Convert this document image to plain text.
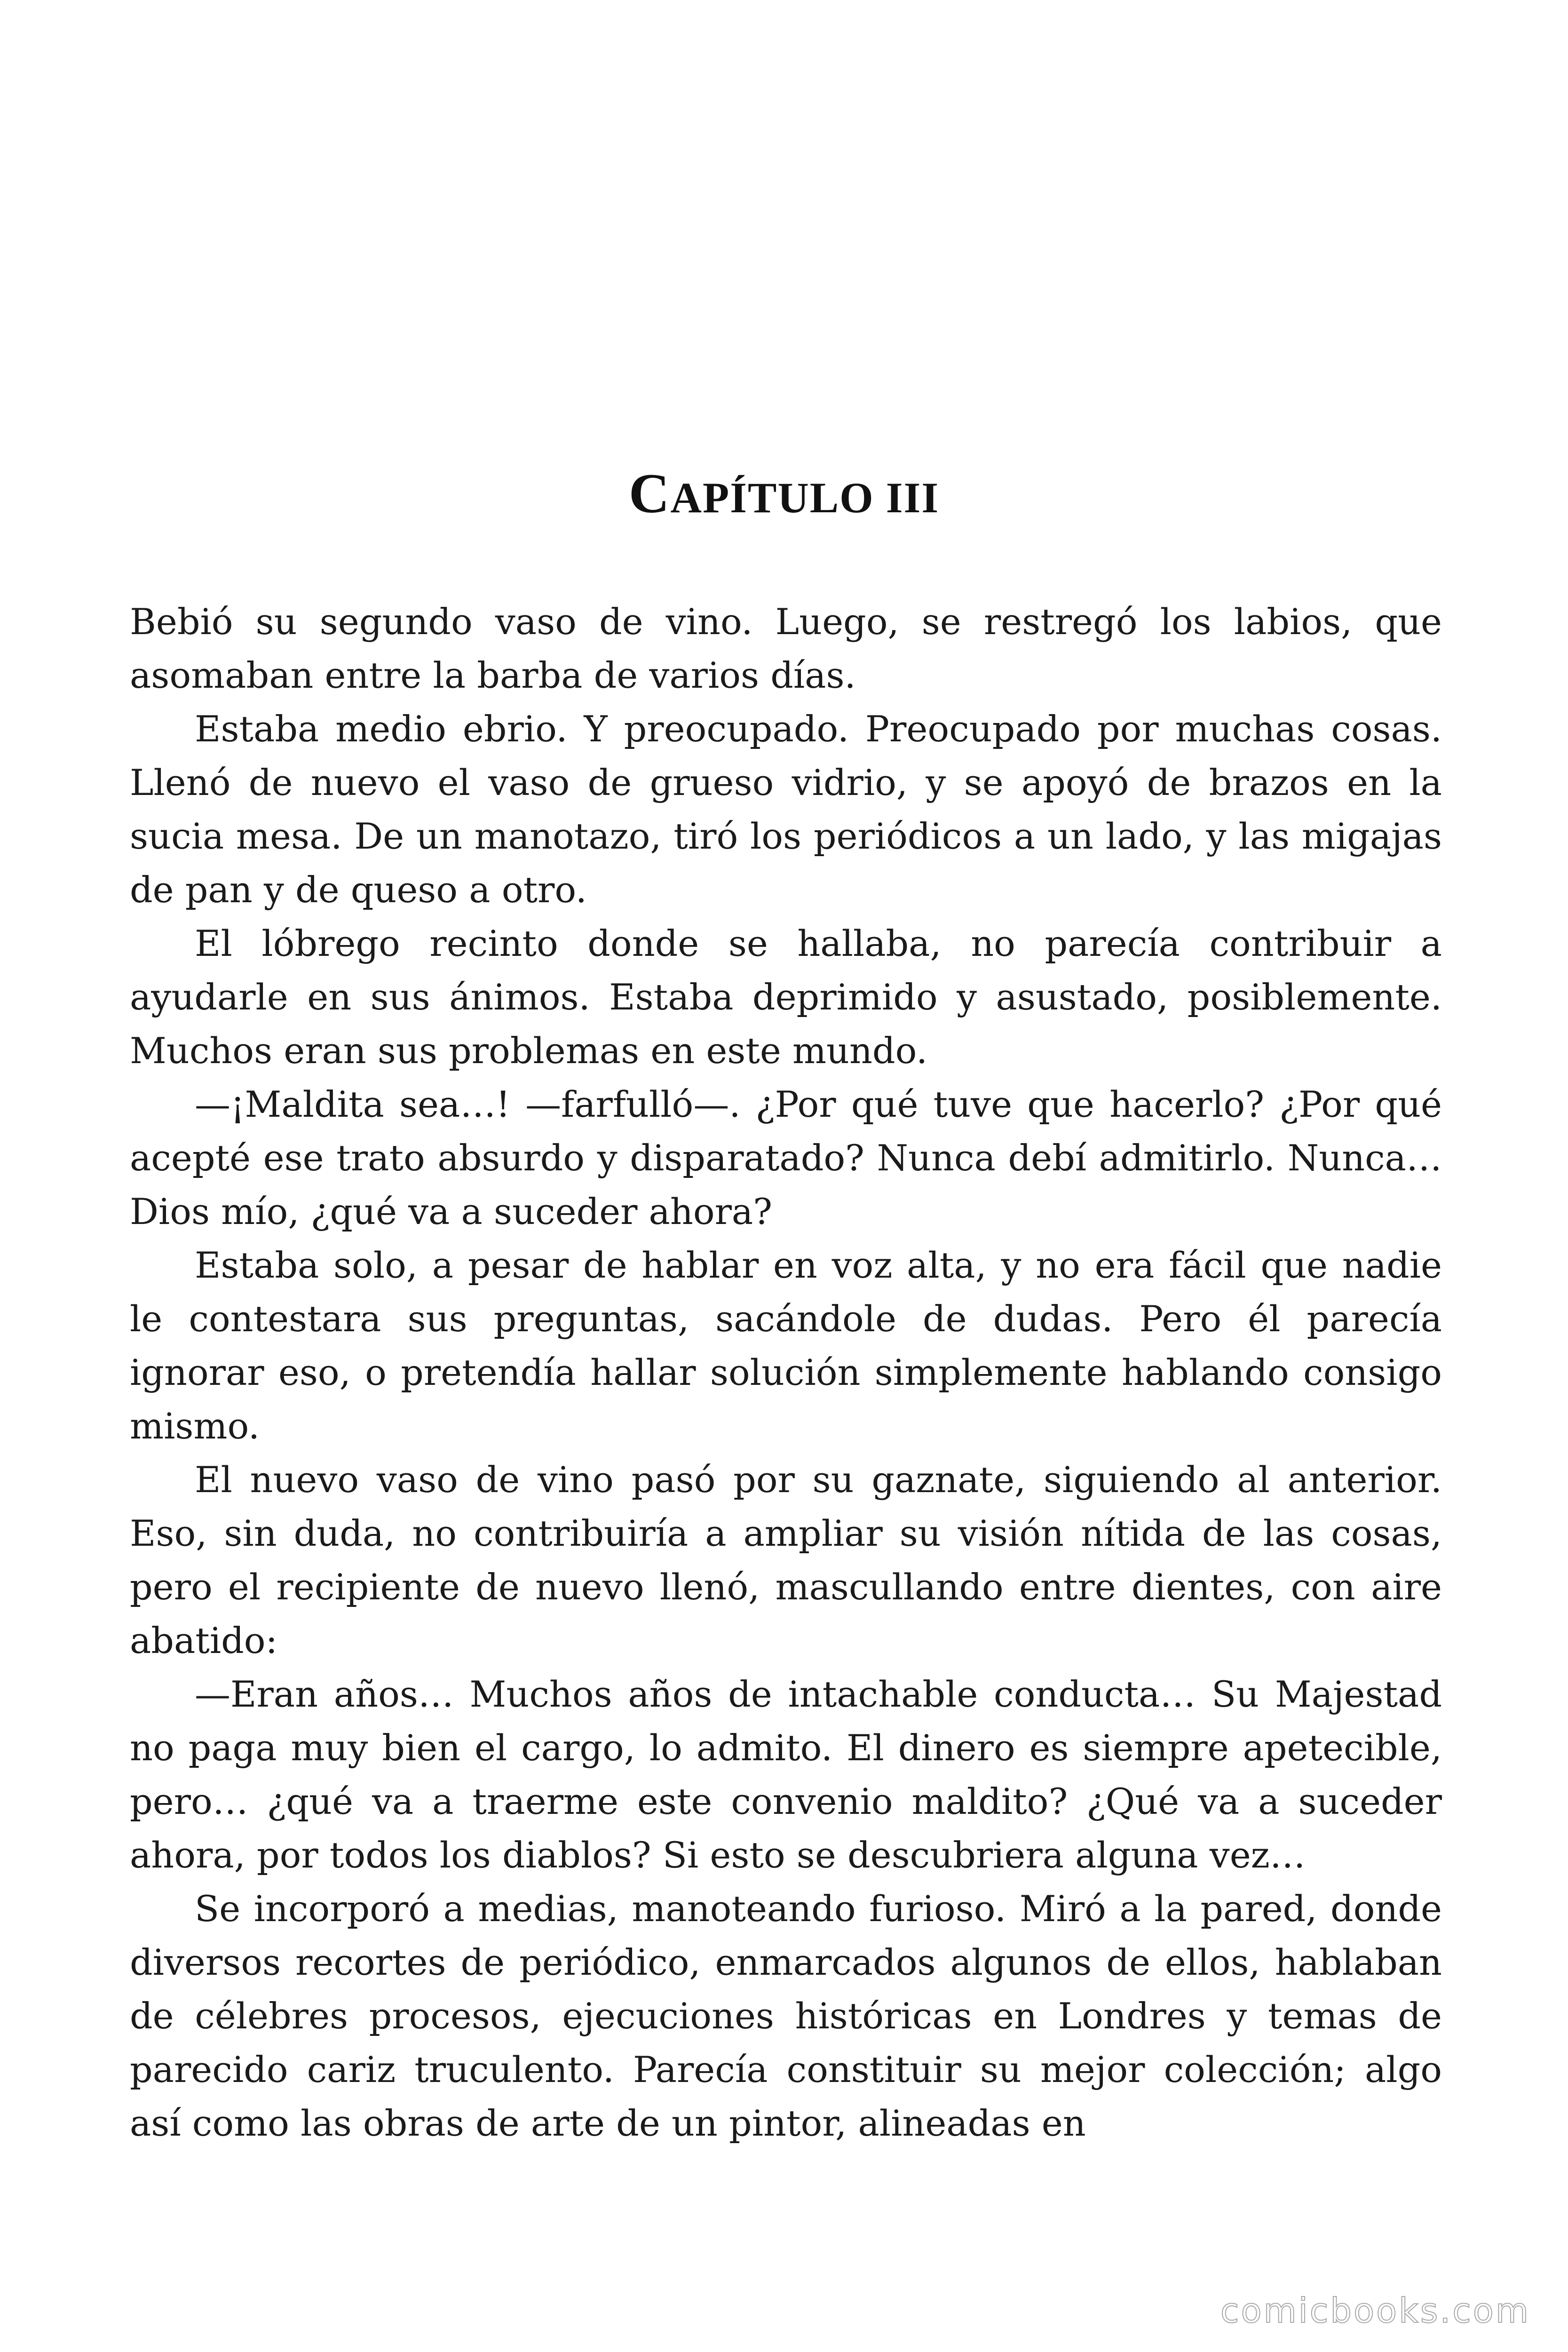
CAPÍTULO III

Bebió su segundo vaso de vino. Luego, se restregó los labios, que asomaban entre la barba de varios días.

Estaba medio ebrio. Y preocupado. Preocupado por muchas cosas. Llenó de nuevo el vaso de grueso vidrio, y se apoyó de brazos en la sucia mesa. De un manotazo, tiró los periódicos a un lado, y las migajas de pan y de queso a otro.

El lóbrego recinto donde se hallaba, no parecía contribuir a ayudarle en sus ánimos. Estaba deprimido y asustado, posiblemente. Muchos eran sus problemas en este mundo.

—¡Maldita sea…! —farfulló—. ¿Por qué tuve que hacerlo? ¿Por qué acepté ese trato absurdo y disparatado? Nunca debí admitirlo. Nunca… Dios mío, ¿qué va a suceder ahora?

Estaba solo, a pesar de hablar en voz alta, y no era fácil que nadie le contestara sus preguntas, sacándole de dudas. Pero él parecía ignorar eso, o pretendía hallar solución simplemente hablando consigo mismo.

El nuevo vaso de vino pasó por su gaznate, siguiendo al anterior. Eso, sin duda, no contribuiría a ampliar su visión nítida de las cosas, pero el recipiente de nuevo llenó, mascullando entre dientes, con aire abatido:

—Eran años… Muchos años de intachable conducta… Su Majestad no paga muy bien el cargo, lo admito. El dinero es siempre apetecible, pero… ¿qué va a traerme este convenio maldito? ¿Qué va a suceder ahora, por todos los diablos? Si esto se descubriera alguna vez…

Se incorporó a medias, manoteando furioso. Miró a la pared, donde diversos recortes de periódico, enmarcados algunos de ellos, hablaban de célebres procesos, ejecuciones históricas en Londres y temas de parecido cariz truculento. Parecía constituir su mejor colección; algo así como las obras de arte de un pintor, alineadas en

comicbooks.com
